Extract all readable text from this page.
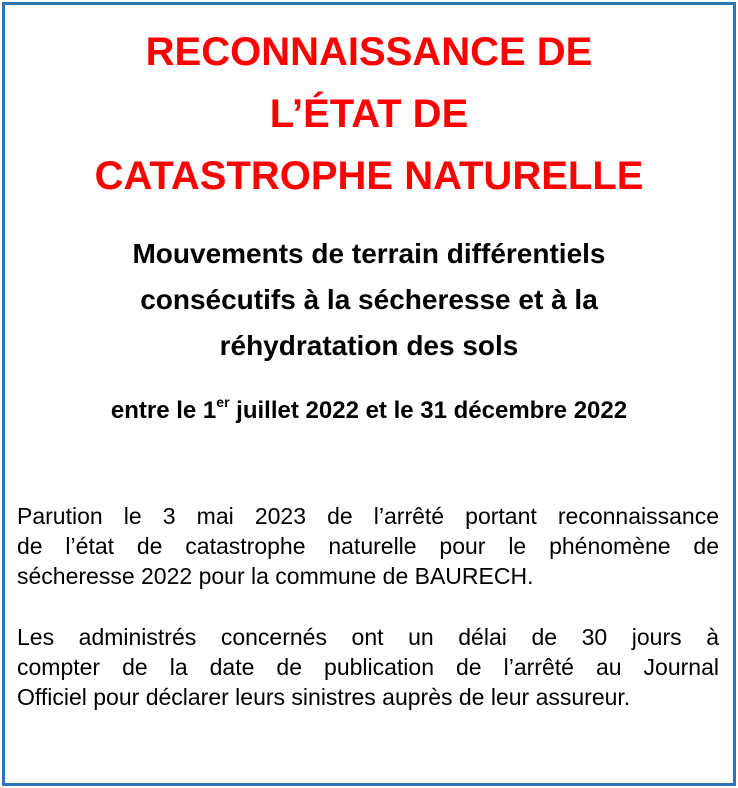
RECONNAISSANCE DE
L’ÉTAT DE
CATASTROPHE NATURELLE
Mouvements de terrain différentiels
consécutifs à la sécheresse et à la
réhydratation des sols

entre le 1er juillet 2022 et le 31 décembre 2022

Parution le 3 mai 2023 de l’arrêté portant reconnaissance
de l’état de catastrophe naturelle pour le phénomène de
sécheresse 2022 pour la commune de BAURECH.

Les administrés concernés ont un délai de 30 jours à
compter de la date de publication de l’arrêté au Journal
Officiel pour déclarer leurs sinistres auprès de leur assureur.
